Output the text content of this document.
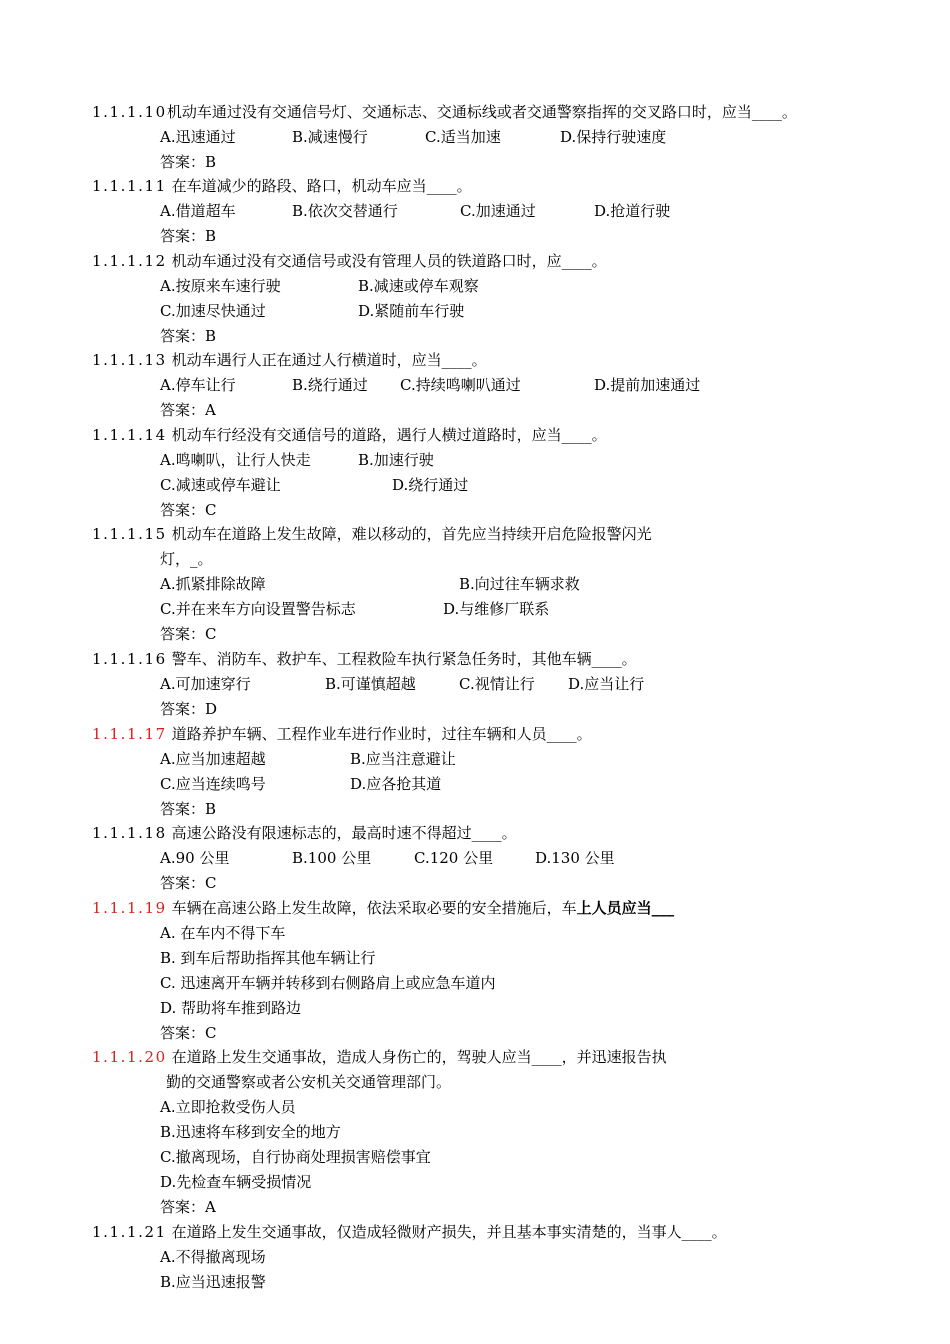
1.1.1.10机动车通过没有交通信号灯、交通标志、交通标线或者交通警察指挥的交叉路口时，应当____。
A.迅速通过	B.减速慢行	C.适当加速	D.保持行驶速度
答案：B
1.1.1.11 在车道减少的路段、路口，机动车应当____。
A.借道超车	B.依次交替通行	C.加速通过	D.抢道行驶
答案：B
1.1.1.12 机动车通过没有交通信号或没有管理人员的铁道路口时，应____。
A.按原来车速行驶	B.减速或停车观察
C.加速尽快通过	D.紧随前车行驶
答案：B
1.1.1.13 机动车遇行人正在通过人行横道时，应当____。
A.停车让行	B.绕行通过 C.持续鸣喇叭通过	D.提前加速通过
答案：A
1.1.1.14 机动车行经没有交通信号的道路，遇行人横过道路时，应当____。
A.鸣喇叭，让行人快走	B.加速行驶
C.减速或停车避让	D.绕行通过
答案：C
1.1.1.15 机动车在道路上发生故障，难以移动的，首先应当持续开启危险报警闪光
灯，_。
A.抓紧排除故障	B.向过往车辆求救
C.并在来车方向设置警告标志	D.与维修厂联系
答案：C
1.1.1.16 警车、消防车、救护车、工程救险车执行紧急任务时，其他车辆____。
A.可加速穿行	B.可谨慎超越	C.视情让行 D.应当让行
答案：D
1.1.1.17 道路养护车辆、工程作业车进行作业时，过往车辆和人员____。
A.应当加速超越	B.应当注意避让
C.应当连续鸣号	D.应各抢其道
答案：B
1.1.1.18 高速公路没有限速标志的，最高时速不得超过____。
A.90 公里	B.100 公里	C.120 公里	D.130 公里
答案：C
1.1.1.19 车辆在高速公路上发生故障，依法采取必要的安全措施后，车上人员应当___
A. 在车内不得下车
B. 到车后帮助指挥其他车辆让行
C. 迅速离开车辆并转移到右侧路肩上或应急车道内
D. 帮助将车推到路边
答案：C
1.1.1.20 在道路上发生交通事故，造成人身伤亡的，驾驶人应当____，并迅速报告执
勤的交通警察或者公安机关交通管理部门。
A.立即抢救受伤人员
B.迅速将车移到安全的地方
C.撤离现场，自行协商处理损害赔偿事宜
D.先检查车辆受损情况
答案：A
1.1.1.21 在道路上发生交通事故，仅造成轻微财产损失，并且基本事实清楚的，当事人____。
A.不得撤离现场
B.应当迅速报警
